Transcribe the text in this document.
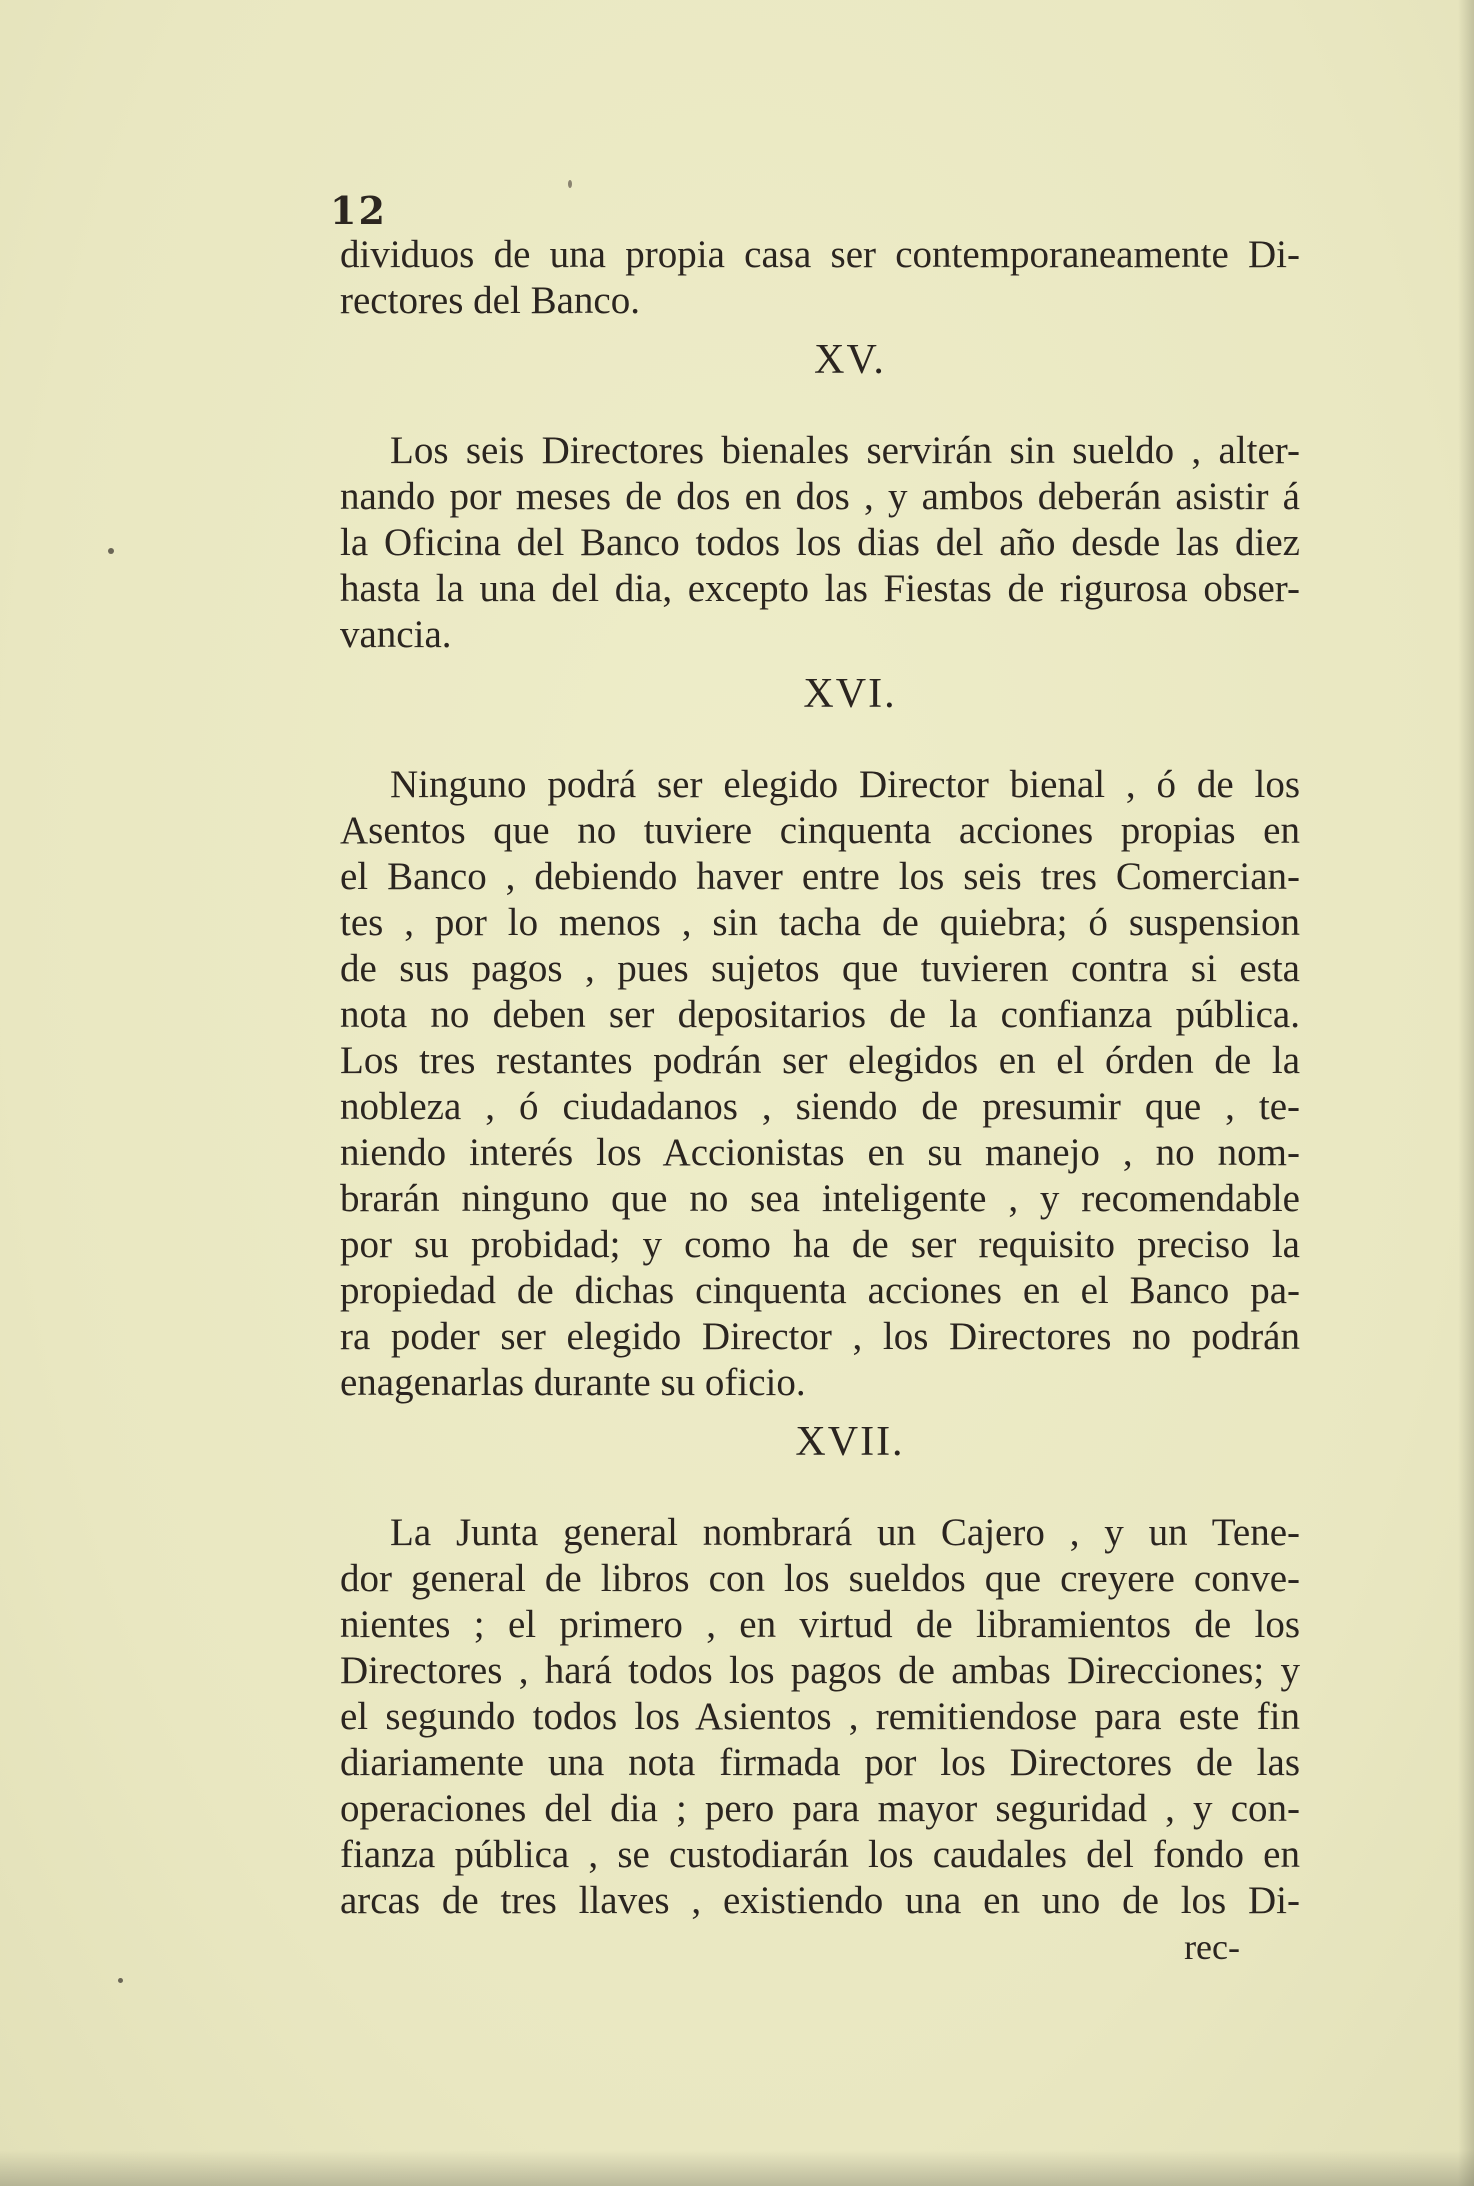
12
dividuos de una propia casa ser contemporaneamente Di-
rectores del Banco.
XV.
Los seis Directores bienales servirán sin sueldo , alter-
nando por meses de dos en dos , y ambos deberán asistir á
la Oficina del Banco todos los dias del año desde las diez
hasta la una del dia, excepto las Fiestas de rigurosa obser-
vancia.
XVI.
Ninguno podrá ser elegido Director bienal , ó de los
Asentos que no tuviere cinquenta acciones propias en
el Banco , debiendo haver entre los seis tres Comercian-
tes , por lo menos , sin tacha de quiebra; ó suspension
de sus pagos , pues sujetos que tuvieren contra si esta
nota no deben ser depositarios de la confianza pública.
Los tres restantes podrán ser elegidos en el órden de la
nobleza , ó ciudadanos , siendo de presumir que , te-
niendo interés los Accionistas en su manejo , no nom-
brarán ninguno que no sea inteligente , y recomendable
por su probidad; y como ha de ser requisito preciso la
propiedad de dichas cinquenta acciones en el Banco pa-
ra poder ser elegido Director , los Directores no podrán
enagenarlas durante su oficio.
XVII.
La Junta general nombrará un Cajero , y un Tene-
dor general de libros con los sueldos que creyere conve-
nientes ; el primero , en virtud de libramientos de los
Directores , hará todos los pagos de ambas Direcciones; y
el segundo todos los Asientos , remitiendose para este fin
diariamente una nota firmada por los Directores de las
operaciones del dia ; pero para mayor seguridad , y con-
fianza pública , se custodiarán los caudales del fondo en
arcas de tres llaves , existiendo una en uno de los Di-
rec-
